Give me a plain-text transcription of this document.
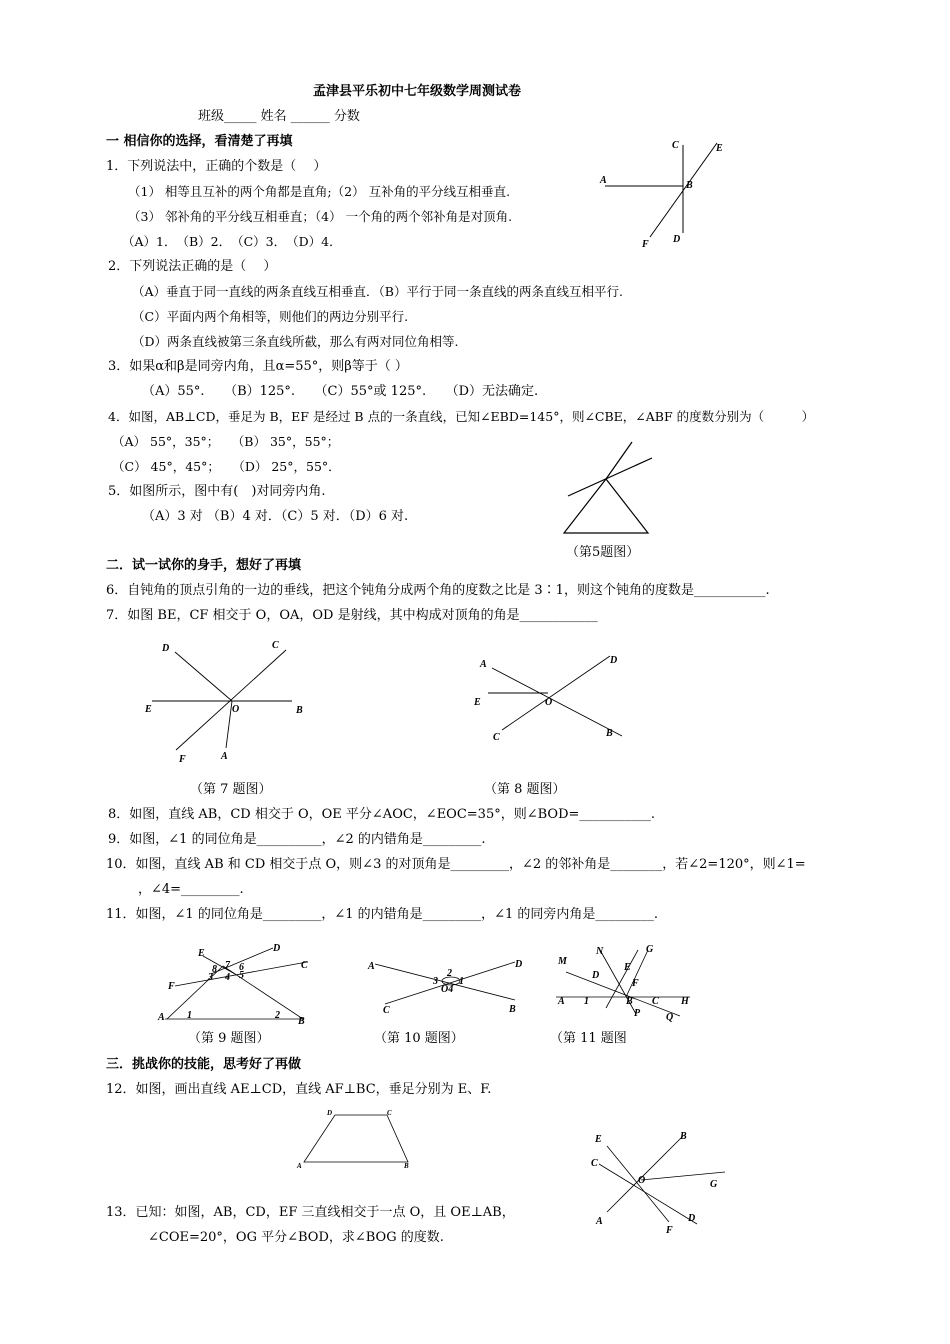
孟津县平乐初中七年级数学周测试卷
班级_____ 姓名 ______ 分数
一 相信你的选择，看清楚了再填
1．下列说法中，正确的个数是（　 ）
（1） 相等且互补的两个角都是直角;（2） 互补角的平分线互相垂直.
（3） 邻补角的平分线互相垂直；（4） 一个角的两个邻补角是对顶角.
（A）1．　（B）2．　（C）3．　（D）4．
2．下列说法正确的是（　 ）
（A）垂直于同一直线的两条直线互相垂直．（B）平行于同一条直线的两条直线互相平行.
（C）平面内两个角相等，则他们的两边分别平行.
（D）两条直线被第三条直线所截，那么有两对同位角相等.
3．如果α和β是同旁内角，且α=55°，则β等于（ ）
（A）55°.　　（B）125°.　　（C）55°或 125°.　　（D）无法确定.
4．如图，AB⊥CD，垂足为 B，EF 是经过 B 点的一条直线，已知∠EBD=145°，则∠CBE，∠ABF 的度数分别为（　　　）
（A） 55°，35°；　　（B） 35°，55°；
（C） 45°，45°；　　（D） 25°，55°．
5．如图所示，图中有(　)对同旁内角.
（A）3 对 （B）4 对．（C）5 对．（D）6 对.
（第5题图）
二．试一试你的身手，想好了再填
6．自钝角的顶点引角的一边的垂线，把这个钝角分成两个角的度数之比是 3∶1，则这个钝角的度数是___________.
7．如图 BE，CF 相交于 O，OA，OD 是射线，其中构成对顶角的角是____________
（第 7 题图）	（第 8 题图）
8．如图，直线 AB，CD 相交于 O，OE 平分∠AOC，∠EOC=35°，则∠BOD=___________.
9．如图，∠1 的同位角是__________，∠2 的内错角是_________.
10．如图，直线 AB 和 CD 相交于点 O，则∠3 的对顶角是_________，∠2 的邻补角是________，若∠2=120°，则∠1=
，∠4=_________.
11．如图，∠1 的同位角是_________，∠1 的内错角是_________，∠1 的同旁内角是_________.
（第 9 题图）	（第 10 题图）	（第 11 题图
三．挑战你的技能，思考好了再做
12．如图，画出直线 AE⊥CD，直线 AF⊥BC，垂足分别为 E、F.
13．已知：如图，AB，CD，EF 三直线相交于一点 O，且 OE⊥AB，
∠COE=20°，OG 平分∠BOD，求∠BOG 的度数.
A	B
C
D
E
F
D	C
E	O	B
F	A
A	D
E	O
C	B
E	D
C
F
A	B
8 7 6
5
3 4
1	2
A	D
C	B
2
3 1
O4
N	G
M
D
E
F
C H
A	B
P	Q
1
D	C
A	B
E	B
C
O	G
A	D
F
